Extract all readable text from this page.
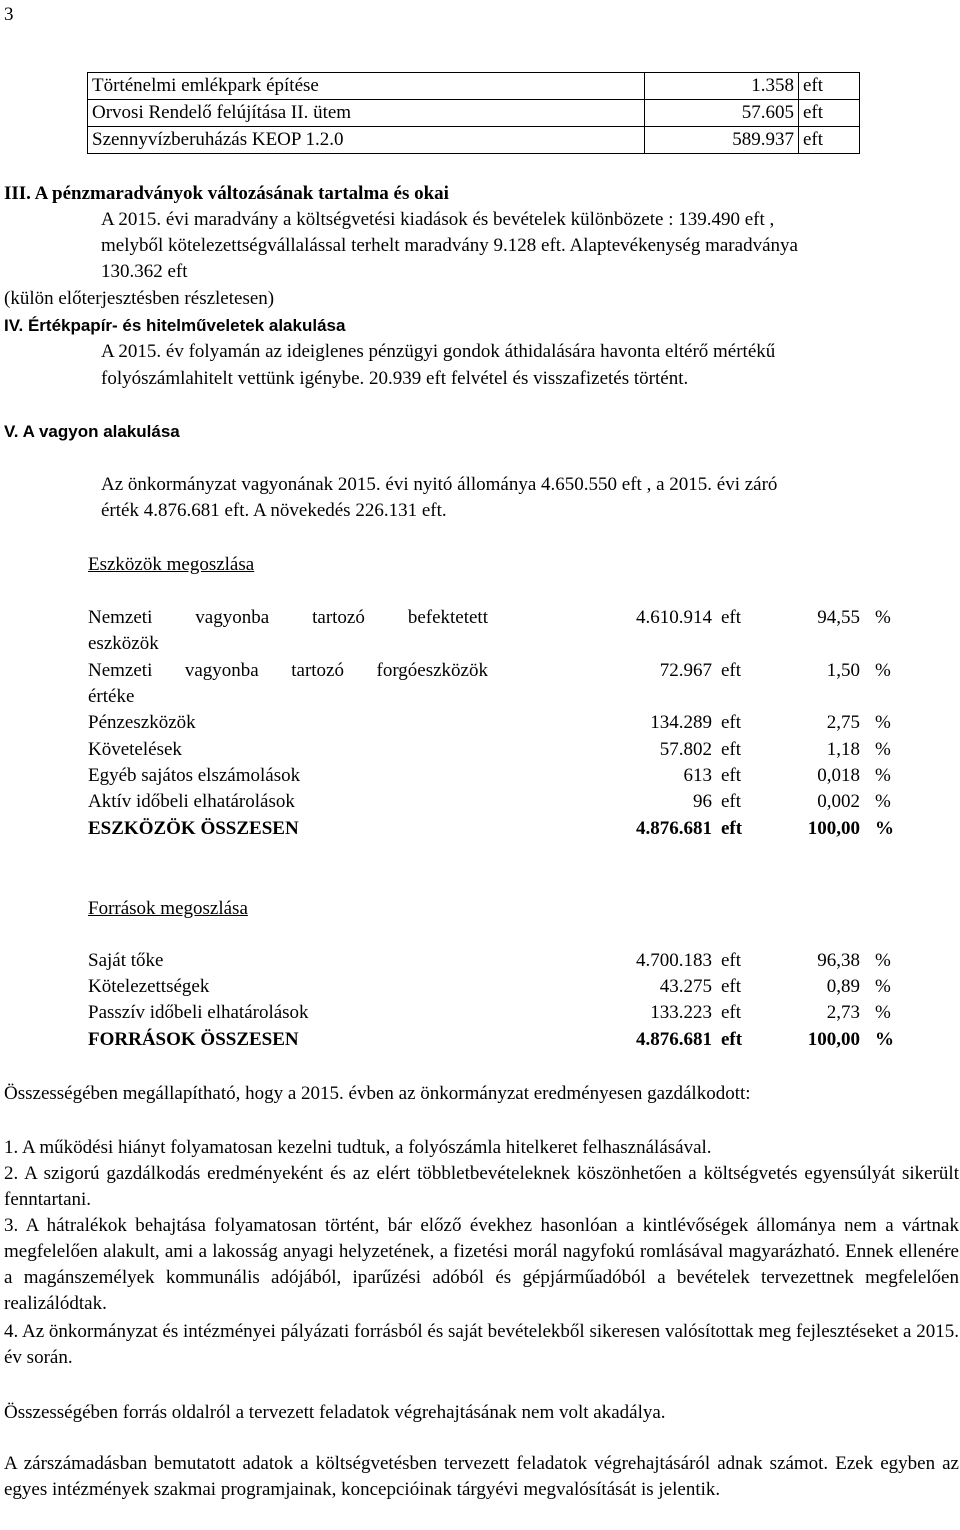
3
Történelmi emlékpark építése	1.358	eft
Orvosi Rendelő felújítása II. ütem	57.605	eft
Szennyvízberuházás KEOP 1.2.0	589.937	eft
III. A pénzmaradványok változásának tartalma és okai
A 2015. évi maradvány a költségvetési kiadások és bevételek különbözete : 139.490 eft ,
melyből kötelezettségvállalással terhelt maradvány 9.128 eft. Alaptevékenység maradványa
130.362 eft
(külön előterjesztésben részletesen)
IV. Értékpapír- és hitelműveletek alakulása
A 2015. év folyamán az ideiglenes pénzügyi gondok áthidalására havonta eltérő mértékű
folyószámlahitelt vettünk igénybe. 20.939 eft felvétel és visszafizetés történt.
V. A vagyon alakulása
Az önkormányzat vagyonának 2015. évi nyitó állománya 4.650.550 eft , a 2015. évi záró
érték 4.876.681 eft. A növekedés 226.131 eft.
Eszközök megoszlása
Nemzeti vagyonba tartozó befektetett	4.610.914 eft	94,55 %
eszközök
Nemzeti vagyonba tartozó forgóeszközök	72.967 eft	1,50 %
értéke
Pénzeszközök	134.289 eft	2,75 %
Követelések	57.802 eft	1,18 %
Egyéb sajátos elszámolások	613 eft	0,018 %
Aktív időbeli elhatárolások	96 eft	0,002 %
ESZKÖZÖK ÖSSZESEN	4.876.681 eft	100,00 %
Források megoszlása
Saját tőke	4.700.183 eft	96,38 %
Kötelezettségek	43.275 eft	0,89 %
Passzív időbeli elhatárolások	133.223 eft	2,73 %
FORRÁSOK ÖSSZESEN	4.876.681 eft	100,00 %
Összességében megállapítható, hogy a 2015. évben az önkormányzat eredményesen gazdálkodott:
1. A működési hiányt folyamatosan kezelni tudtuk, a folyószámla hitelkeret felhasználásával.
2. A szigorú gazdálkodás eredményeként és az elért többletbevételeknek köszönhetően a költségvetés egyensúlyát sikerült fenntartani.
3. A hátralékok behajtása folyamatosan történt, bár előző évekhez hasonlóan a kintlévőségek állománya nem a vártnak megfelelően alakult, ami a lakosság anyagi helyzetének, a fizetési morál nagyfokú romlásával magyarázható. Ennek ellenére a magánszemélyek kommunális adójából, iparűzési adóból és gépjárműadóból a bevételek tervezettnek megfelelően realizálódtak.
4. Az önkormányzat és intézményei pályázati forrásból és saját bevételekből sikeresen valósítottak meg fejlesztéseket a 2015. év során.
Összességében forrás oldalról a tervezett feladatok végrehajtásának nem volt akadálya.
A zárszámadásban bemutatott adatok a költségvetésben tervezett feladatok végrehajtásáról adnak számot. Ezek egyben az egyes intézmények szakmai programjainak, koncepcióinak tárgyévi megvalósítását is jelentik.
